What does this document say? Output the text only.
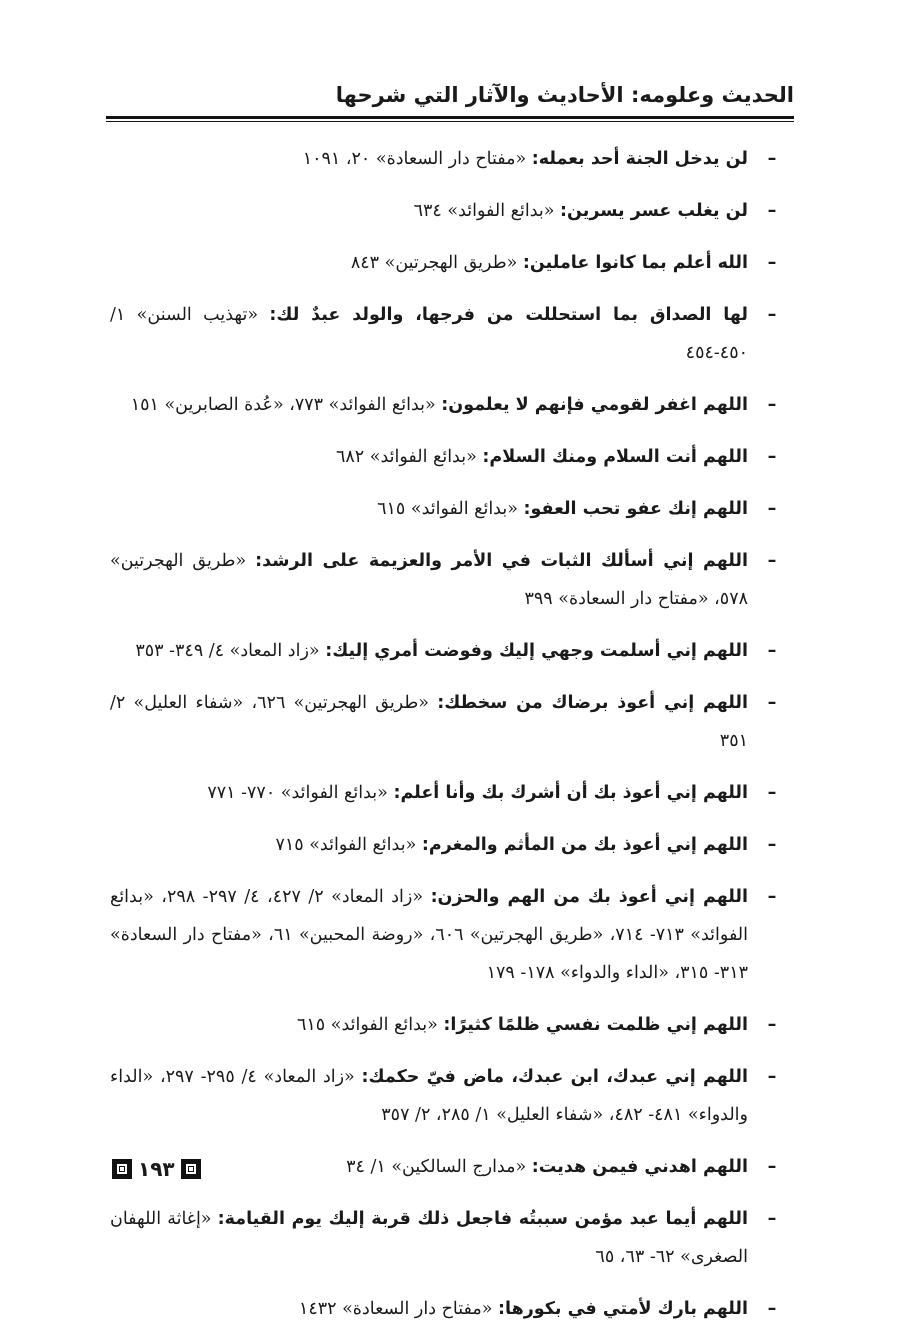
الحديث وعلومه: الأحاديث والآثار التي شرحها
–
لن يدخل الجنة أحد بعمله: «مفتاح دار السعادة» ٢٠، ١٠٩١
–
لن يغلب عسر يسرين: «بدائع الفوائد» ٦٣٤
–
الله أعلم بما كانوا عاملين: «طريق الهجرتين» ٨٤٣
–
لها الصداق بما استحللت من فرجها، والولد عبدٌ لك: «تهذيب السنن» ١/ ٤٥٠-٤٥٤
–
اللهم اغفر لقومي فإنهم لا يعلمون: «بدائع الفوائد» ٧٧٣، «عُدة الصابرين» ١٥١
–
اللهم أنت السلام ومنك السلام: «بدائع الفوائد» ٦٨٢
–
اللهم إنك عفو تحب العفو: «بدائع الفوائد» ٦١٥
–
اللهم إني أسألك الثبات في الأمر والعزيمة على الرشد: «طريق الهجرتين» ٥٧٨، «مفتاح دار السعادة» ٣٩٩
–
اللهم إني أسلمت وجهي إليك وفوضت أمري إليك: «زاد المعاد» ٤/ ٣٤٩- ٣٥٣
–
اللهم إني أعوذ برضاك من سخطك: «طريق الهجرتين» ٦٢٦، «شفاء العليل» ٢/ ٣٥١
–
اللهم إني أعوذ بك أن أشرك بك وأنا أعلم: «بدائع الفوائد» ٧٧٠- ٧٧١
–
اللهم إني أعوذ بك من المأثم والمغرم: «بدائع الفوائد» ٧١٥
–
اللهم إني أعوذ بك من الهم والحزن: «زاد المعاد» ٢/ ٤٢٧، ٤/ ٢٩٧- ٢٩٨، «بدائع الفوائد» ٧١٣- ٧١٤، «طريق الهجرتين» ٦٠٦، «روضة المحبين» ٦١، «مفتاح دار السعادة» ٣١٣- ٣١٥، «الداء والدواء» ١٧٨- ١٧٩
–
اللهم إني ظلمت نفسي ظلمًا كثيرًا: «بدائع الفوائد» ٦١٥
–
اللهم إني عبدك، ابن عبدك، ماض فيّ حكمك: «زاد المعاد» ٤/ ٢٩٥- ٢٩٧، «الداء والدواء» ٤٨١- ٤٨٢، «شفاء العليل» ١/ ٢٨٥، ٢/ ٣٥٧
–
اللهم اهدني فيمن هديت: «مدارج السالكين» ١/ ٣٤
–
اللهم أيما عبد مؤمن سببتُه فاجعل ذلك قربة إليك يوم القيامة: «إغاثة اللهفان الصغرى» ٦٢- ٦٣، ٦٥
–
اللهم بارك لأمتي في بكورها: «مفتاح دار السعادة» ١٤٣٢
١٩٣
